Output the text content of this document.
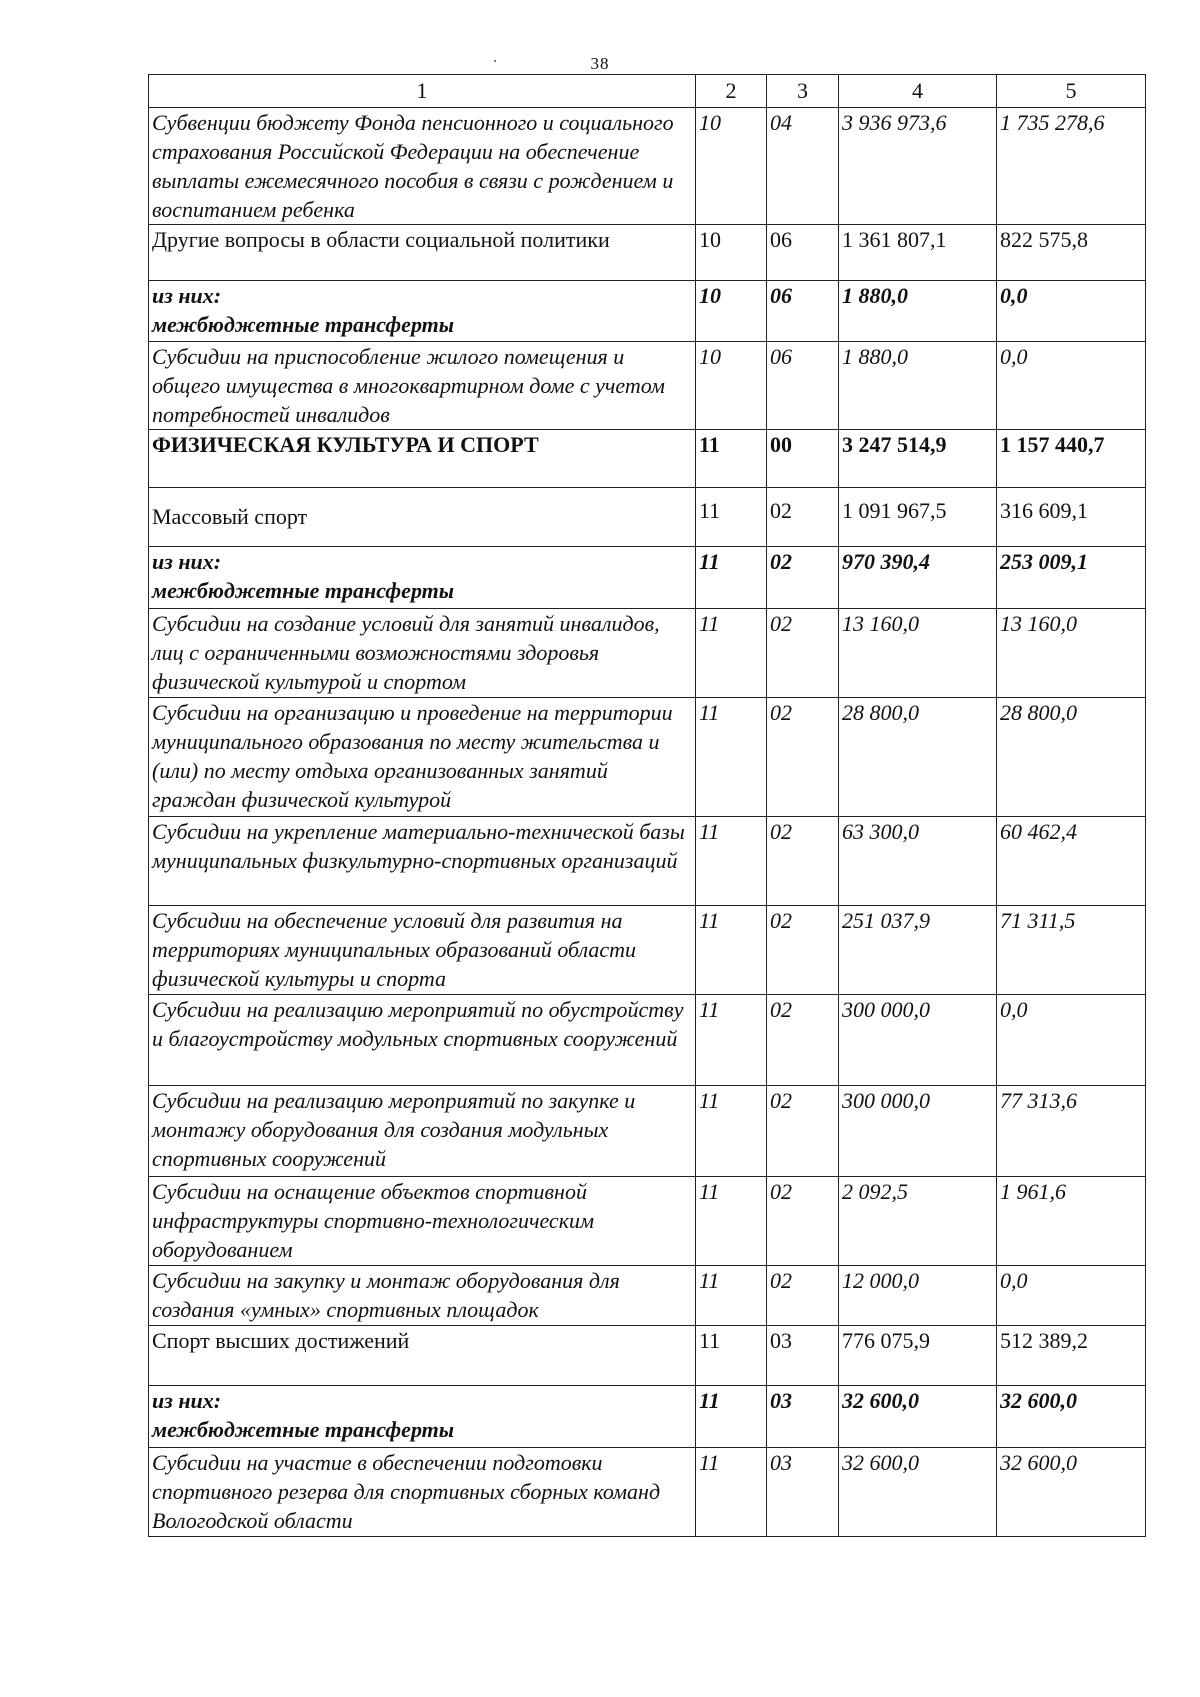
38
1	2	3	4	5
Субвенции бюджету Фонда пенсионного и социального страхования Российской Федерации на обеспечение выплаты ежемесячного пособия в связи с рождением и воспитанием ребенка	10	04	3 936 973,6	1 735 278,6
Другие вопросы в области социальной политики	10	06	1 361 807,1	822 575,8

из них:
межбюджетные трансферты	10	06	1 880,0	0,0
Субсидии на приспособление жилого помещения и общего имущества в многоквартирном доме с учетом потребностей инвалидов	10	06	1 880,0	0,0
ФИЗИЧЕСКАЯ КУЛЬТУРА И СПОРТ	11	00	3 247 514,9	1 157 440,7
Массовый спорт	11	02	1 091 967,5	316 609,1

из них:
межбюджетные трансферты	11	02	970 390,4	253 009,1
Субсидии на создание условий для занятий инвалидов, лиц с ограниченными возможностями здоровья физической культурой и спортом	11	02	13 160,0	13 160,0
Субсидии на организацию и проведение на территории муниципального образования по месту жительства и (или) по месту отдыха организованных занятий граждан физической культурой	11	02	28 800,0	28 800,0
Субсидии на укрепление материально-технической базы муниципальных физкультурно-спортивных организаций	11	02	63 300,0	60 462,4
Субсидии на обеспечение условий для развития на территориях муниципальных образований области физической культуры и спорта	11	02	251 037,9	71 311,5
Субсидии на реализацию мероприятий по обустройству и благоустройству модульных спортивных сооружений	11	02	300 000,0	0,0
Субсидии на реализацию мероприятий по закупке и монтажу оборудования для создания модульных спортивных сооружений	11	02	300 000,0	77 313,6
Субсидии на оснащение объектов спортивной инфраструктуры спортивно-технологическим оборудованием	11	02	2 092,5	1 961,6
Субсидии на закупку и монтаж оборудования для создания «умных» спортивных площадок	11	02	12 000,0	0,0
Спорт высших достижений	11	03	776 075,9	512 389,2

из них:
межбюджетные трансферты	11	03	32 600,0	32 600,0
Субсидии на участие в обеспечении подготовки спортивного резерва для спортивных сборных команд Вологодской области	11	03	32 600,0	32 600,0
